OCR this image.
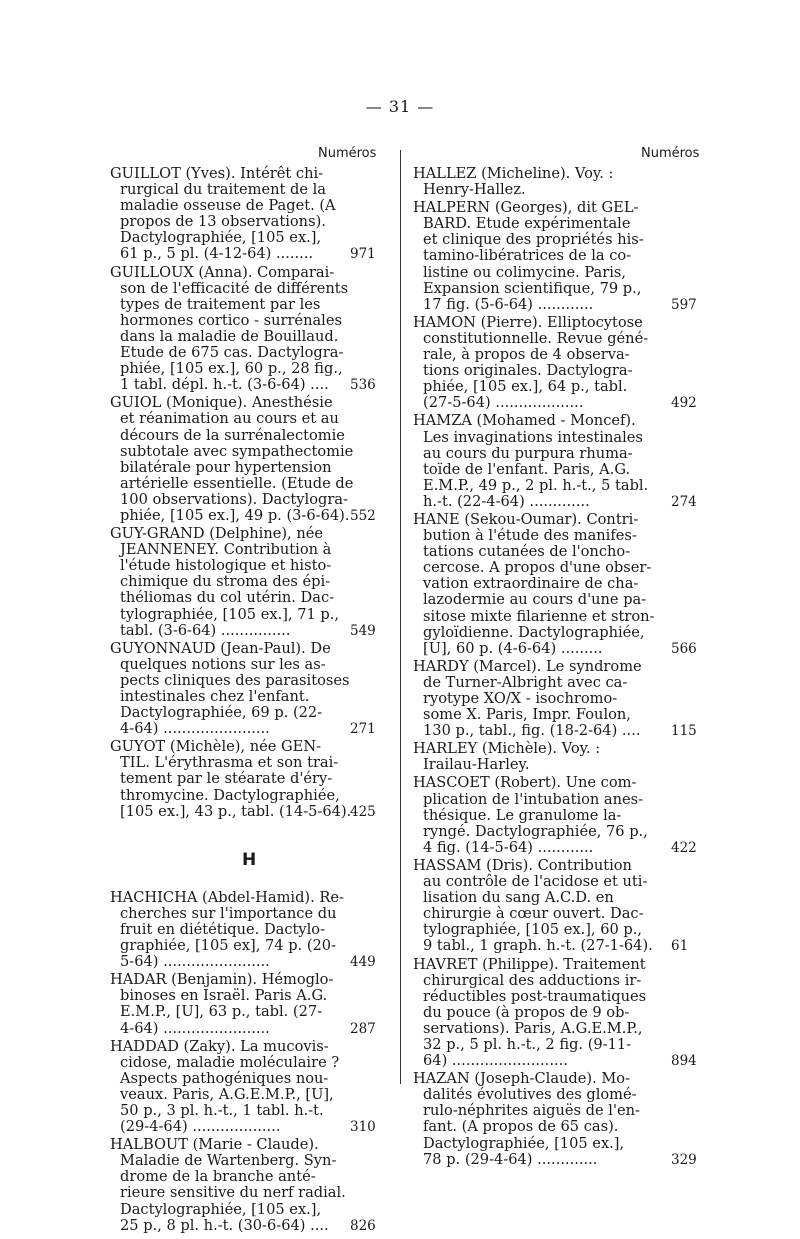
— 31 —
Numéros	Numéros
GUILLOT (Yves). Intérêt chi-
rurgical du traitement de la
maladie osseuse de Paget. (A
propos de 13 observations).
Dactylographiée, [105 ex.],
61 p., 5 pl. (4-12-64) ........	971
GUILLOUX (Anna). Comparai-
son de l'efficacité de différents
types de traitement par les
hormones cortico - surrénales
dans la maladie de Bouillaud.
Etude de 675 cas. Dactylogra-
phiée, [105 ex.], 60 p., 28 fig.,
1 tabl. dépl. h.-t. (3-6-64) ....	536
GUIOL (Monique). Anesthésie
et réanimation au cours et au
décours de la surrénalectomie
subtotale avec sympathectomie
bilatérale pour hypertension
artérielle essentielle. (Etude de
100 observations). Dactylogra-
phiée, [105 ex.], 49 p. (3-6-64). 552
GUY-GRAND (Delphine), née
JEANNENEY. Contribution à
l'étude histologique et histo-
chimique du stroma des épi-
théliomas du col utérin. Dac-
tylographiée, [105 ex.], 71 p.,
tabl. (3-6-64) ...............	549
GUYONNAUD (Jean-Paul). De
quelques notions sur les as-
pects cliniques des parasitoses
intestinales chez l'enfant.
Dactylographiée, 69 p. (22-
4-64) .......................	271
GUYOT (Michèle), née GEN-
TIL. L'érythrasma et son trai-
tement par le stéarate d'éry-
thromycine. Dactylographiée,
[105 ex.], 43 p., tabl. (14-5-64).
425
H
HACHICHA (Abdel-Hamid). Re-
cherches sur l'importance du
fruit en diététique. Dactylo-
graphiée, [105 ex], 74 p. (20-
5-64) .......................	449
HADAR (Benjamin). Hémoglo-
binoses en Israël. Paris A.G.
E.M.P., [U], 63 p., tabl. (27-
4-64) .......................	287
HADDAD (Zaky). La mucovis-
cidose, maladie moléculaire ?
Aspects pathogéniques nou-
veaux. Paris, A.G.E.M.P., [U],
50 p., 3 pl. h.-t., 1 tabl. h.-t.
(29-4-64) ...................	310
HALBOUT (Marie - Claude).
Maladie de Wartenberg. Syn-
drome de la branche anté-
rieure sensitive du nerf radial.
Dactylographiée, [105 ex.],
25 p., 8 pl. h.-t. (30-6-64) ....	826
HALLEZ (Micheline). Voy. :
Henry-Hallez.
HALPERN (Georges), dit GEL-
BARD. Etude expérimentale
et clinique des propriétés his-
tamino-libératrices de la co-
listine ou colimycine. Paris,
Expansion scientifique, 79 p.,
17 fig. (5-6-64) ............	597
HAMON (Pierre). Elliptocytose
constitutionnelle. Revue géné-
rale, à propos de 4 observa-
tions originales. Dactylogra-
phiée, [105 ex.], 64 p., tabl.
(27-5-64) ...................	492
HAMZA (Mohamed - Moncef).
Les invaginations intestinales
au cours du purpura rhuma-
toïde de l'enfant. Paris, A.G.
E.M.P., 49 p., 2 pl. h.-t., 5 tabl.
h.-t. (22-4-64) .............	274
HANE (Sekou-Oumar). Contri-
bution à l'étude des manifes-
tations cutanées de l'oncho-
cercose. A propos d'une obser-
vation extraordinaire de cha-
lazodermie au cours d'une pa-
sitose mixte filarienne et stron-
gyloïdienne. Dactylographiée,
[U], 60 p. (4-6-64) .........	566
HARDY (Marcel). Le syndrome
de Turner-Albright avec ca-
ryotype XO/X - isochromo-
some X. Paris, Impr. Foulon,
130 p., tabl., fig. (18-2-64) ....	115
HARLEY (Michèle). Voy. :
Irailau-Harley.
HASCOET (Robert). Une com-
plication de l'intubation anes-
thésique. Le granulome la-
ryngé. Dactylographiée, 76 p.,
4 fig. (14-5-64) ............	422
HASSAM (Dris). Contribution
au contrôle de l'acidose et uti-
lisation du sang A.C.D. en
chirurgie à cœur ouvert. Dac-
tylographiée, [105 ex.], 60 p.,
9 tabl., 1 graph. h.-t. (27-1-64).	61
HAVRET (Philippe). Traitement
chirurgical des adductions ir-
réductibles post-traumatiques
du pouce (à propos de 9 ob-
servations). Paris, A.G.E.M.P.,
32 p., 5 pl. h.-t., 2 fig. (9-11-
64) .........................	894
HAZAN (Joseph-Claude). Mo-
dalités évolutives des glomé-
rulo-néphrites aiguës de l'en-
fant. (A propos de 65 cas).
Dactylographiée, [105 ex.],
78 p. (29-4-64) .............	329
